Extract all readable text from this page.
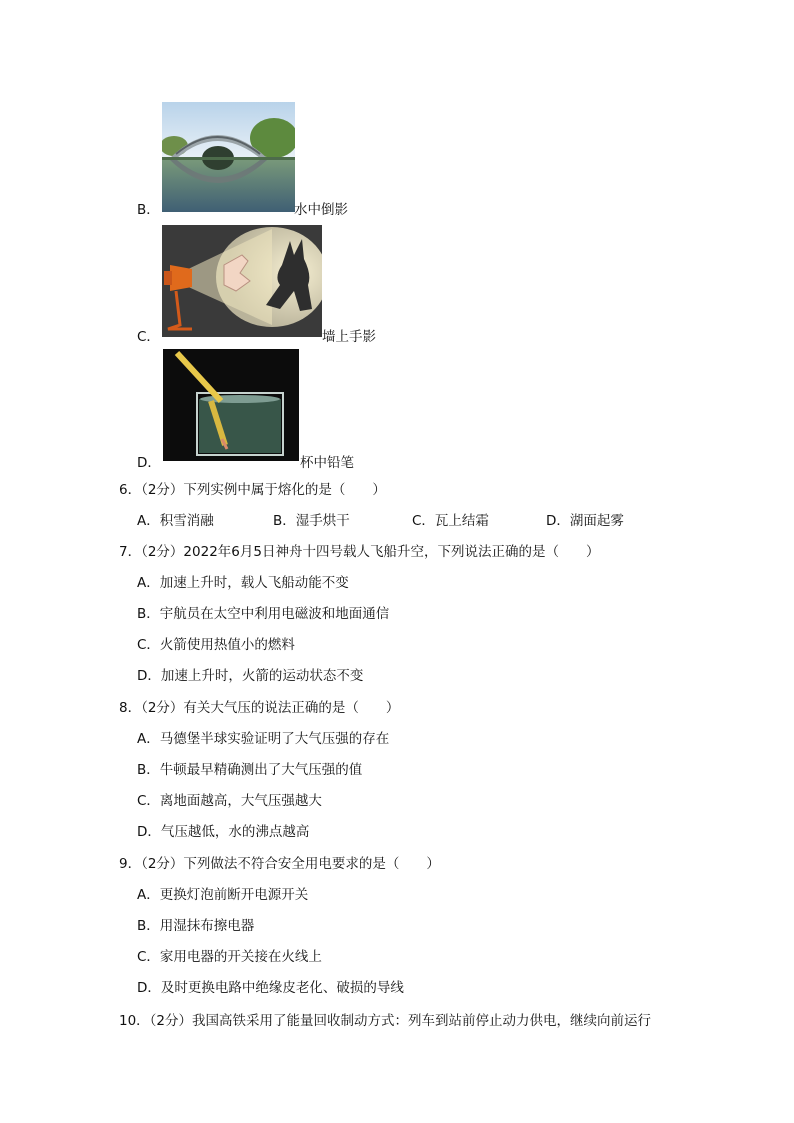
B．	水中倒影
C．	墙上手影
D．	杯中铅笔
6．（2分）下列实例中属于熔化的是（　　）
A．积雪消融	B．湿手烘干	C．瓦上结霜	D．湖面起雾
7．（2分）2022年6月5日神舟十四号载人飞船升空，下列说法正确的是（　　）
A．加速上升时，载人飞船动能不变
B．宇航员在太空中利用电磁波和地面通信
C．火箭使用热值小的燃料
D．加速上升时，火箭的运动状态不变
8．（2分）有关大气压的说法正确的是（　　）
A．马德堡半球实验证明了大气压强的存在
B．牛顿最早精确测出了大气压强的值
C．离地面越高，大气压强越大
D．气压越低，水的沸点越高
9．（2分）下列做法不符合安全用电要求的是（　　）
A．更换灯泡前断开电源开关
B．用湿抹布擦电器
C．家用电器的开关接在火线上
D．及时更换电路中绝缘皮老化、破损的导线
10．（2分）我国高铁采用了能量回收制动方式：列车到站前停止动力供电，继续向前运行
